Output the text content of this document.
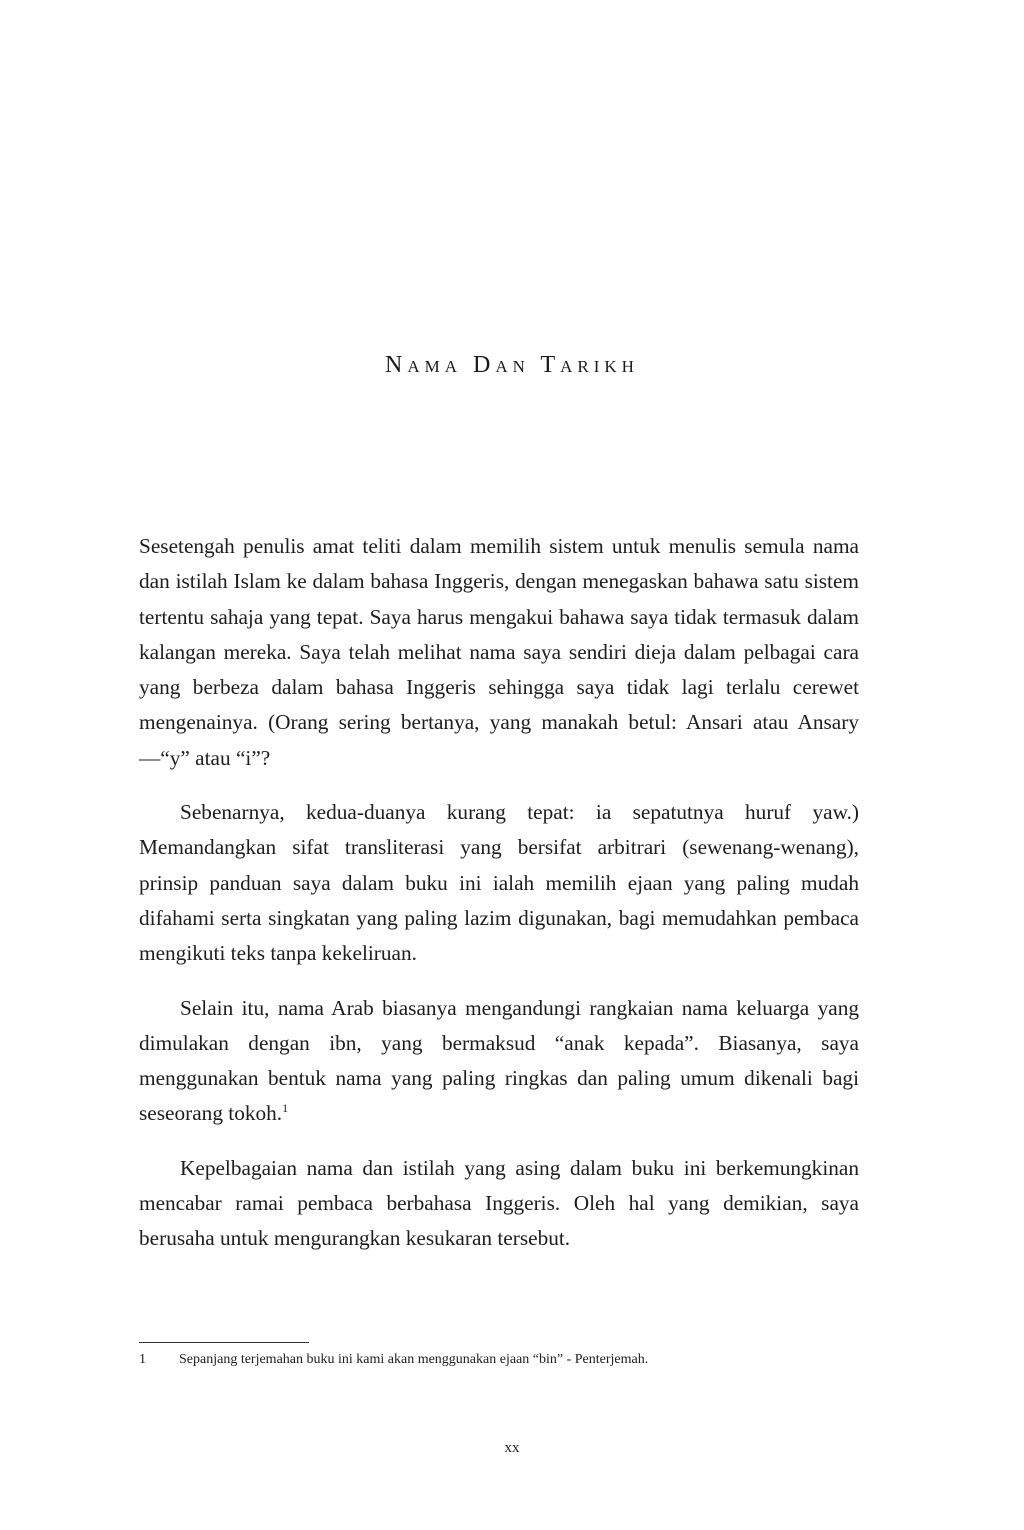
Nama Dan Tarikh

Sesetengah penulis amat teliti dalam memilih sistem untuk menulis semula nama dan istilah Islam ke dalam bahasa Inggeris, dengan menegaskan bahawa satu sistem tertentu sahaja yang tepat. Saya harus mengakui bahawa saya tidak termasuk dalam kalangan mereka. Saya telah melihat nama saya sendiri dieja dalam pelbagai cara yang berbeza dalam bahasa Inggeris sehingga saya tidak lagi terlalu cerewet mengenainya. (Orang sering bertanya, yang manakah betul: Ansari atau Ansary—“y” atau “i”?

Sebenarnya, kedua-duanya kurang tepat: ia sepatutnya huruf yaw.) Memandangkan sifat transliterasi yang bersifat arbitrari (sewenang-wenang), prinsip panduan saya dalam buku ini ialah memilih ejaan yang paling mudah difahami serta singkatan yang paling lazim digunakan, bagi memudahkan pembaca mengikuti teks tanpa kekeliruan.

Selain itu, nama Arab biasanya mengandungi rangkaian nama keluarga yang dimulakan dengan ibn, yang bermaksud “anak kepada”. Biasanya, saya menggunakan bentuk nama yang paling ringkas dan paling umum dikenali bagi seseorang tokoh.$^1$

Kepelbagaian nama dan istilah yang asing dalam buku ini berkemungkinan mencabar ramai pembaca berbahasa Inggeris. Oleh hal yang demikian, saya berusaha untuk mengurangkan kesukaran tersebut.

1 Sepanjang terjemahan buku ini kami akan menggunakan ejaan “bin” - Penterjemah.
xx
